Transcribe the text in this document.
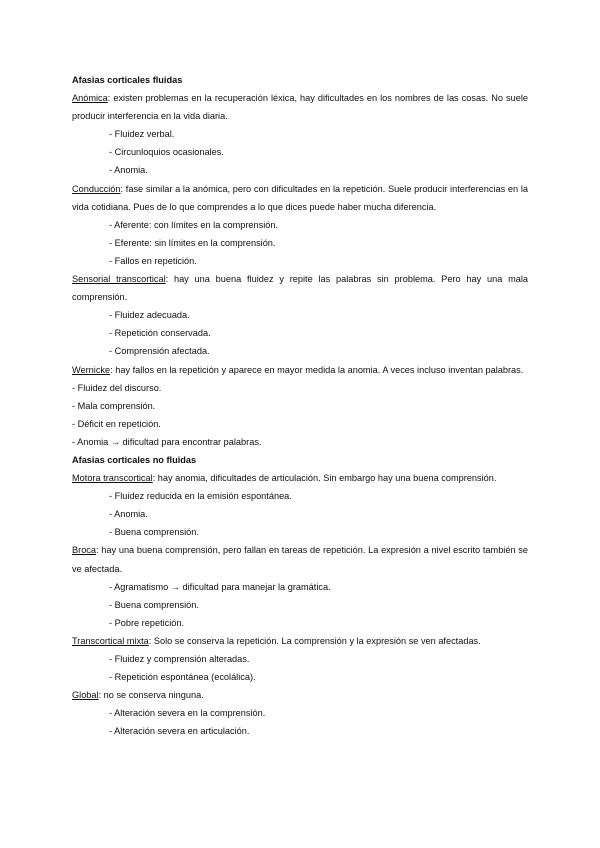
Afasias corticales fluidas

Anómica: existen problemas en la recuperación léxica, hay dificultades en los nombres de las cosas. No suele producir interferencia en la vida diaria.

- Fluidez verbal.

- Circunloquios ocasionales.

- Anomia.

Conducción: fase similar a la anómica, pero con dificultades en la repetición. Suele producir interferencias en la vida cotidiana. Pues de lo que comprendes a lo que dices puede haber mucha diferencia.

- Aferente: con límites en la comprensión.

- Eferente: sin límites en la comprensión.

- Fallos en repetición.

Sensorial transcortical: hay una buena fluidez y repite las palabras sin problema. Pero hay una mala comprensión.

- Fluidez adecuada.

- Repetición conservada.

- Comprensión afectada.

Wernicke: hay fallos en la repetición y aparece en mayor medida la anomia. A veces incluso inventan palabras.

- Fluidez del discurso.

- Mala comprensión.

- Déficit en repetición.

- Anomia → dificultad para encontrar palabras.

Afasias corticales no fluidas

Motora transcortical: hay anomia, dificultades de articulación. Sin embargo hay una buena comprensión.

- Fluidez reducida en la emisión espontánea.

- Anomia.

- Buena comprensión.

Broca: hay una buena comprensión, pero fallan en tareas de repetición. La expresión a nivel escrito también se ve afectada.

- Agramatismo → dificultad para manejar la gramática.

- Buena comprensión.

- Pobre repetición.

Transcortical mixta: Solo se conserva la repetición. La comprensión y la expresión se ven afectadas.

- Fluidez y comprensión alteradas.

- Repetición espontánea (ecolálica).

Global: no se conserva ninguna.

- Alteración severa en la comprensión.

- Alteración severa en articulación.
